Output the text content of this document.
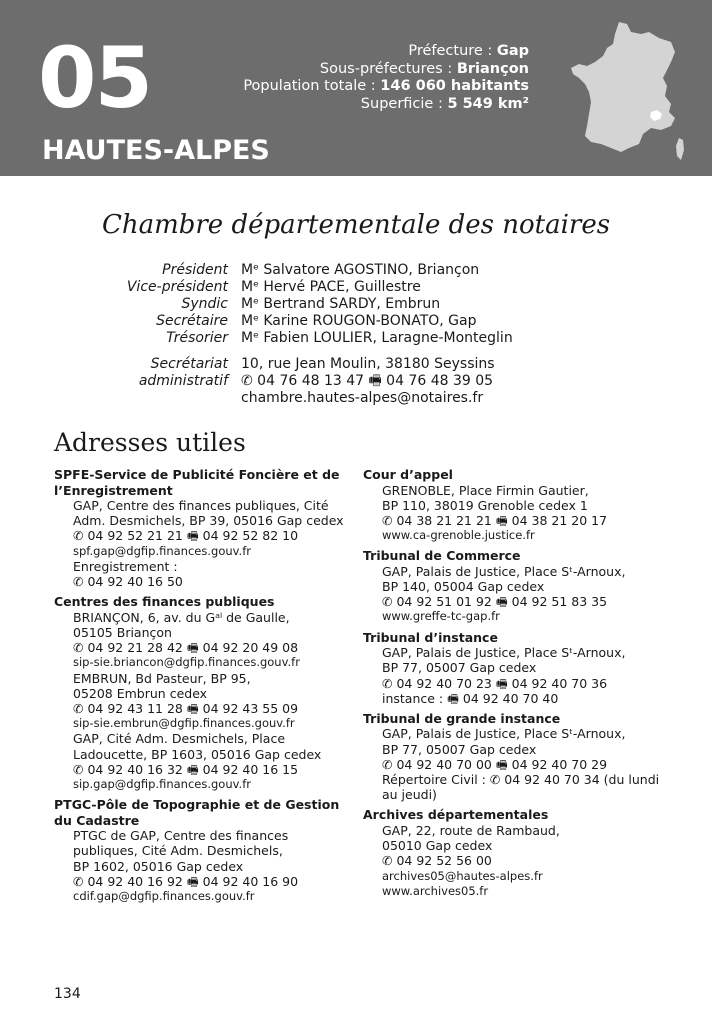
05
HAUTES-ALPES
Préfecture : Gap
Sous-préfectures : Briançon
Population totale : 146 060 habitants
Superficie : 5 549 km²
Chambre départementale des notaires
Président Mᵉ Salvatore AGOSTINO, Briançon
Vice-président Mᵉ Hervé PACE, Guillestre
Syndic Mᵉ Bertrand SARDY, Embrun
Secrétaire Mᵉ Karine ROUGON-BONATO, Gap
Trésorier Mᵉ Fabien LOULIER, Laragne-Monteglin
Secrétariat 10, rue Jean Moulin, 38180 Seyssins
administratif ✆ 04 76 48 13 47 🖷 04 76 48 39 05
chambre.hautes-alpes@notaires.fr
Adresses utiles
SPFE-Service de Publicité Foncière et de l’Enregistrement
GAP, Centre des finances publiques, Cité
Adm. Desmichels, BP 39, 05016 Gap cedex
✆ 04 92 52 21 21 🖷 04 92 52 82 10
spf.gap@dgfip.finances.gouv.fr
Enregistrement :
✆ 04 92 40 16 50
Centres des finances publiques
BRIANÇON, 6, av. du Gᵃˡ de Gaulle,
05105 Briançon
✆ 04 92 21 28 42 🖷 04 92 20 49 08
sip-sie.briancon@dgfip.finances.gouv.fr
EMBRUN, Bd Pasteur, BP 95,
05208 Embrun cedex
✆ 04 92 43 11 28 🖷 04 92 43 55 09
sip-sie.embrun@dgfip.finances.gouv.fr
GAP, Cité Adm. Desmichels, Place
Ladoucette, BP 1603, 05016 Gap cedex
✆ 04 92 40 16 32 🖷 04 92 40 16 15
sip.gap@dgfip.finances.gouv.fr
PTGC-Pôle de Topographie et de Gestion du Cadastre
PTGC de GAP, Centre des finances
publiques, Cité Adm. Desmichels,
BP 1602, 05016 Gap cedex
✆ 04 92 40 16 92 🖷 04 92 40 16 90
cdif.gap@dgfip.finances.gouv.fr
Cour d’appel
GRENOBLE, Place Firmin Gautier,
BP 110, 38019 Grenoble cedex 1
✆ 04 38 21 21 21 🖷 04 38 21 20 17
www.ca-grenoble.justice.fr
Tribunal de Commerce
GAP, Palais de Justice, Place Sᵗ-Arnoux,
BP 140, 05004 Gap cedex
✆ 04 92 51 01 92 🖷 04 92 51 83 35
www.greffe-tc-gap.fr
Tribunal d’instance
GAP, Palais de Justice, Place Sᵗ-Arnoux,
BP 77, 05007 Gap cedex
✆ 04 92 40 70 23 🖷 04 92 40 70 36
instance : 🖷 04 92 40 70 40
Tribunal de grande instance
GAP, Palais de Justice, Place Sᵗ-Arnoux,
BP 77, 05007 Gap cedex
✆ 04 92 40 70 00 🖷 04 92 40 70 29
Répertoire Civil : ✆ 04 92 40 70 34 (du lundi
au jeudi)
Archives départementales
GAP, 22, route de Rambaud,
05010 Gap cedex
✆ 04 92 52 56 00
archives05@hautes-alpes.fr
www.archives05.fr
134
